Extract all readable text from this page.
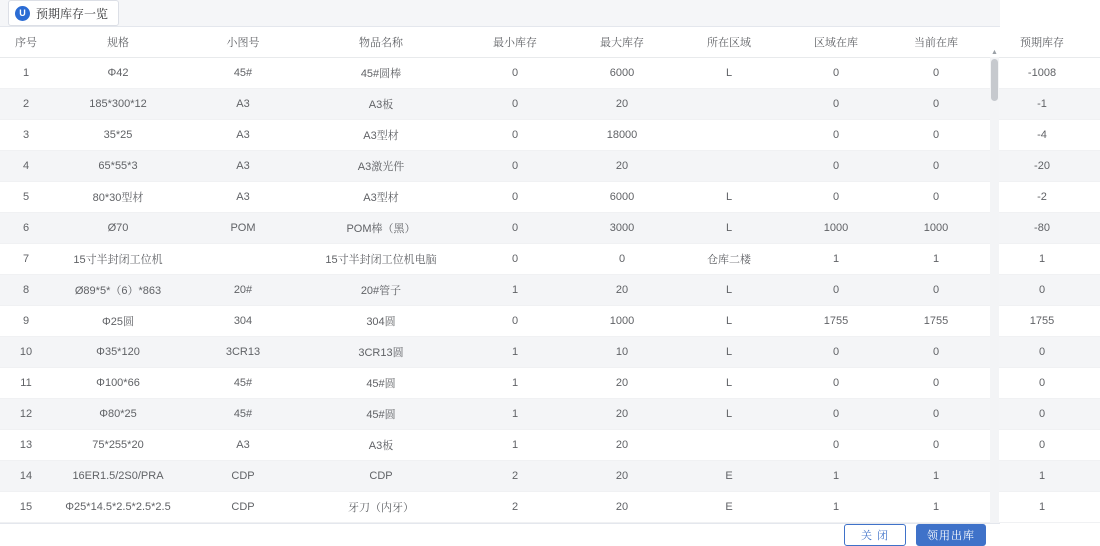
U 预期库存一览
序号	规格	小图号	物品名称	最小库存	最大库存	所在区域	区域在库	当前在库	预期库存
1	Φ42	45#	45#圆棒	0	6000	L	0	0	-1008
2	185*300*12	A3	A3板	0	20		0	0	-1
3	35*25	A3	A3型材	0	18000		0	0	-4
4	65*55*3	A3	A3激光件	0	20		0	0	-20
5	80*30型材	A3	A3型材	0	6000	L	0	0	-2
6	Ø70	POM	POM棒（黑）	0	3000	L	1000	1000	-80
7	15寸半封闭工位机		15寸半封闭工位机电脑	0	0	仓库二楼	1	1	1
8	Ø89*5*（6）*863	20#	20#管子	1	20	L	0	0	0
9	Φ25圆	304	304圆	0	1000	L	1755	1755	1755
10	Φ35*120	3CR13	3CR13圆	1	10	L	0	0	0
11	Φ100*66	45#	45#圆	1	20	L	0	0	0
12	Φ80*25	45#	45#圆	1	20	L	0	0	0
13	75*255*20	A3	A3板	1	20		0	0	0
14	16ER1.5/2S0/PRA	CDP	CDP	2	20	E	1	1	1
15	Φ25*14.5*2.5*2.5*2.5	CDP	牙刀（内牙）	2	20	E	1	1	1
▲
关 闭	领用出库
